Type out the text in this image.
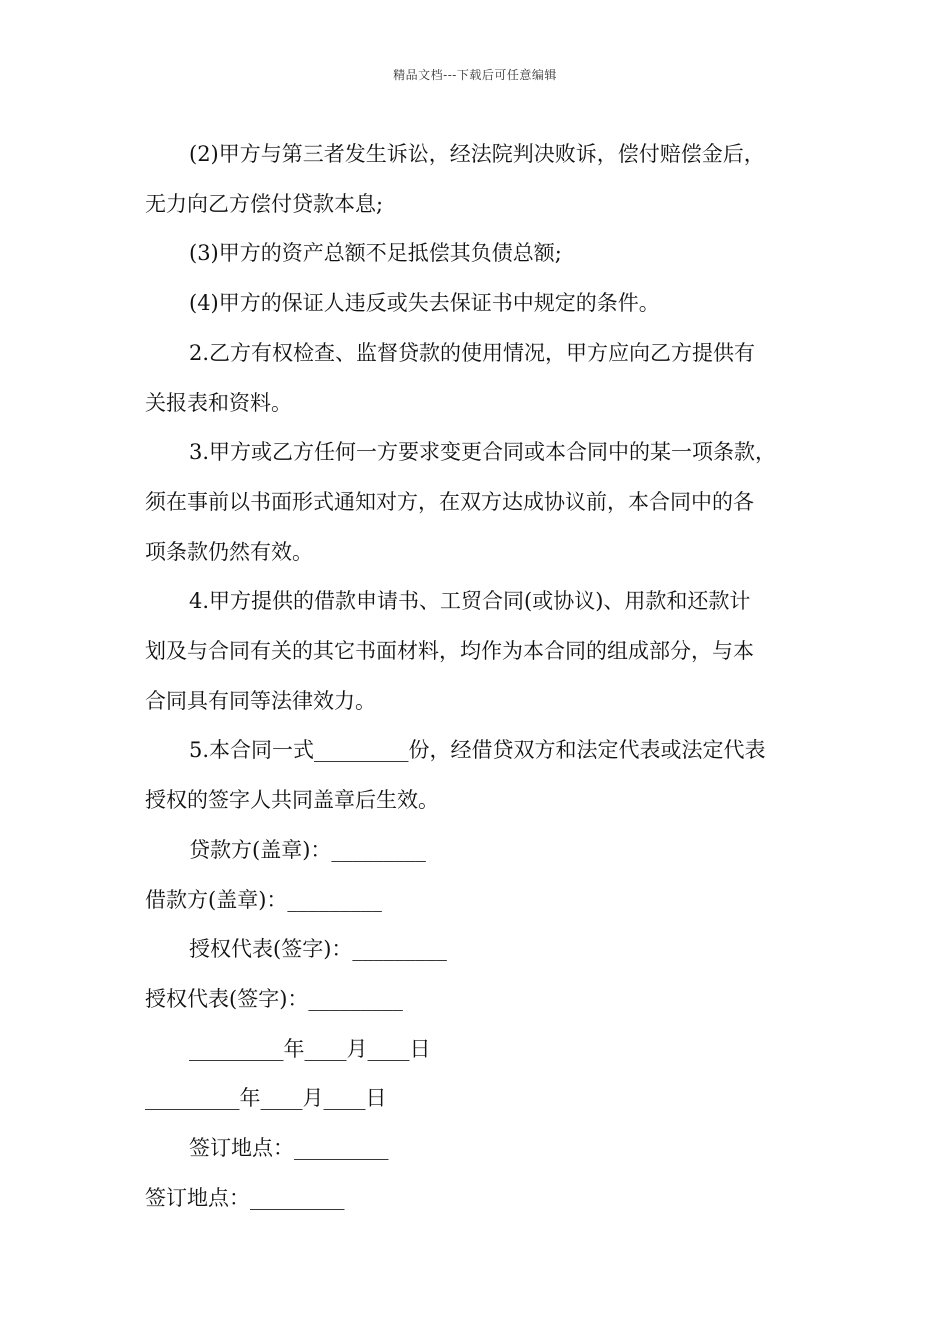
精品文档---下载后可任意编辑

(2)甲方与第三者发生诉讼，经法院判决败诉，偿付赔偿金后，

无力向乙方偿付贷款本息;

(3)甲方的资产总额不足抵偿其负债总额;

(4)甲方的保证人违反或失去保证书中规定的条件。

2.乙方有权检查、监督贷款的使用情况，甲方应向乙方提供有

关报表和资料。

3.甲方或乙方任何一方要求变更合同或本合同中的某一项条款，

须在事前以书面形式通知对方，在双方达成协议前，本合同中的各

项条款仍然有效。

4.甲方提供的借款申请书、工贸合同(或协议)、用款和还款计

划及与合同有关的其它书面材料，均作为本合同的组成部分，与本

合同具有同等法律效力。

5.本合同一式_________份，经借贷双方和法定代表或法定代表

授权的签字人共同盖章后生效。

贷款方(盖章)：_________

借款方(盖章)：_________

授权代表(签字)：_________

授权代表(签字)：_________

_________年____月____日

_________年____月____日

签订地点：_________

签订地点：_________
